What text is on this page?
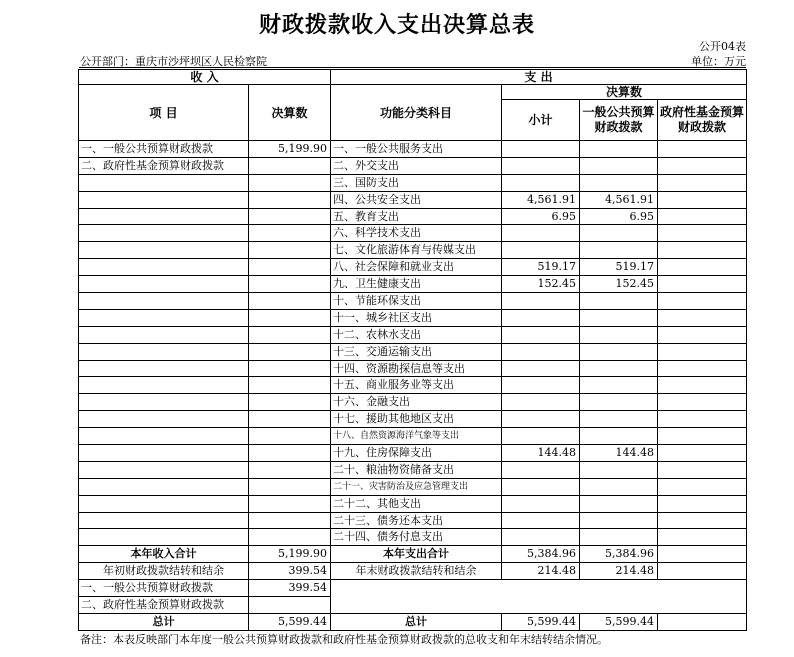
财政拨款收入支出决算总表
公开04表
公开部门：重庆市沙坪坝区人民检察院	单位：万元
收 入		支 出			
项 目	决算数	功能分类科目	决算数		
			小计	一般公共预算财政拨款	政府性基金预算财政拨款
一、一般公共预算财政拨款	5,199.90	一、一般公共服务支出			
二、政府性基金预算财政拨款		二、外交支出			
		三、国防支出			
		四、公共安全支出	4,561.91	4,561.91	
		五、教育支出	6.95	6.95	
		六、科学技术支出			
		七、文化旅游体育与传媒支出			
		八、社会保障和就业支出	519.17	519.17	
		九、卫生健康支出	152.45	152.45	
		十、节能环保支出			
		十一、城乡社区支出			
		十二、农林水支出			
		十三、交通运输支出			
		十四、资源勘探信息等支出			
		十五、商业服务业等支出			
		十六、金融支出			
		十七、援助其他地区支出			
		十八、自然资源海洋气象等支出			
		十九、住房保障支出	144.48	144.48	
		二十、粮油物资储备支出			
		二十一、灾害防治及应急管理支出			
		二十二、其他支出			
		二十三、债务还本支出			
		二十四、债务付息支出			
本年收入合计	5,199.90	本年支出合计	5,384.96	5,384.96	
年初财政拨款结转和结余	399.54	年末财政拨款结转和结余	214.48	214.48	
一、一般公共预算财政拨款	399.54				
二、政府性基金预算财政拨款					
总计	5,599.44	总计	5,599.44	5,599.44	
备注：本表反映部门本年度一般公共预算财政拨款和政府性基金预算财政拨款的总收支和年末结转结余情况。
